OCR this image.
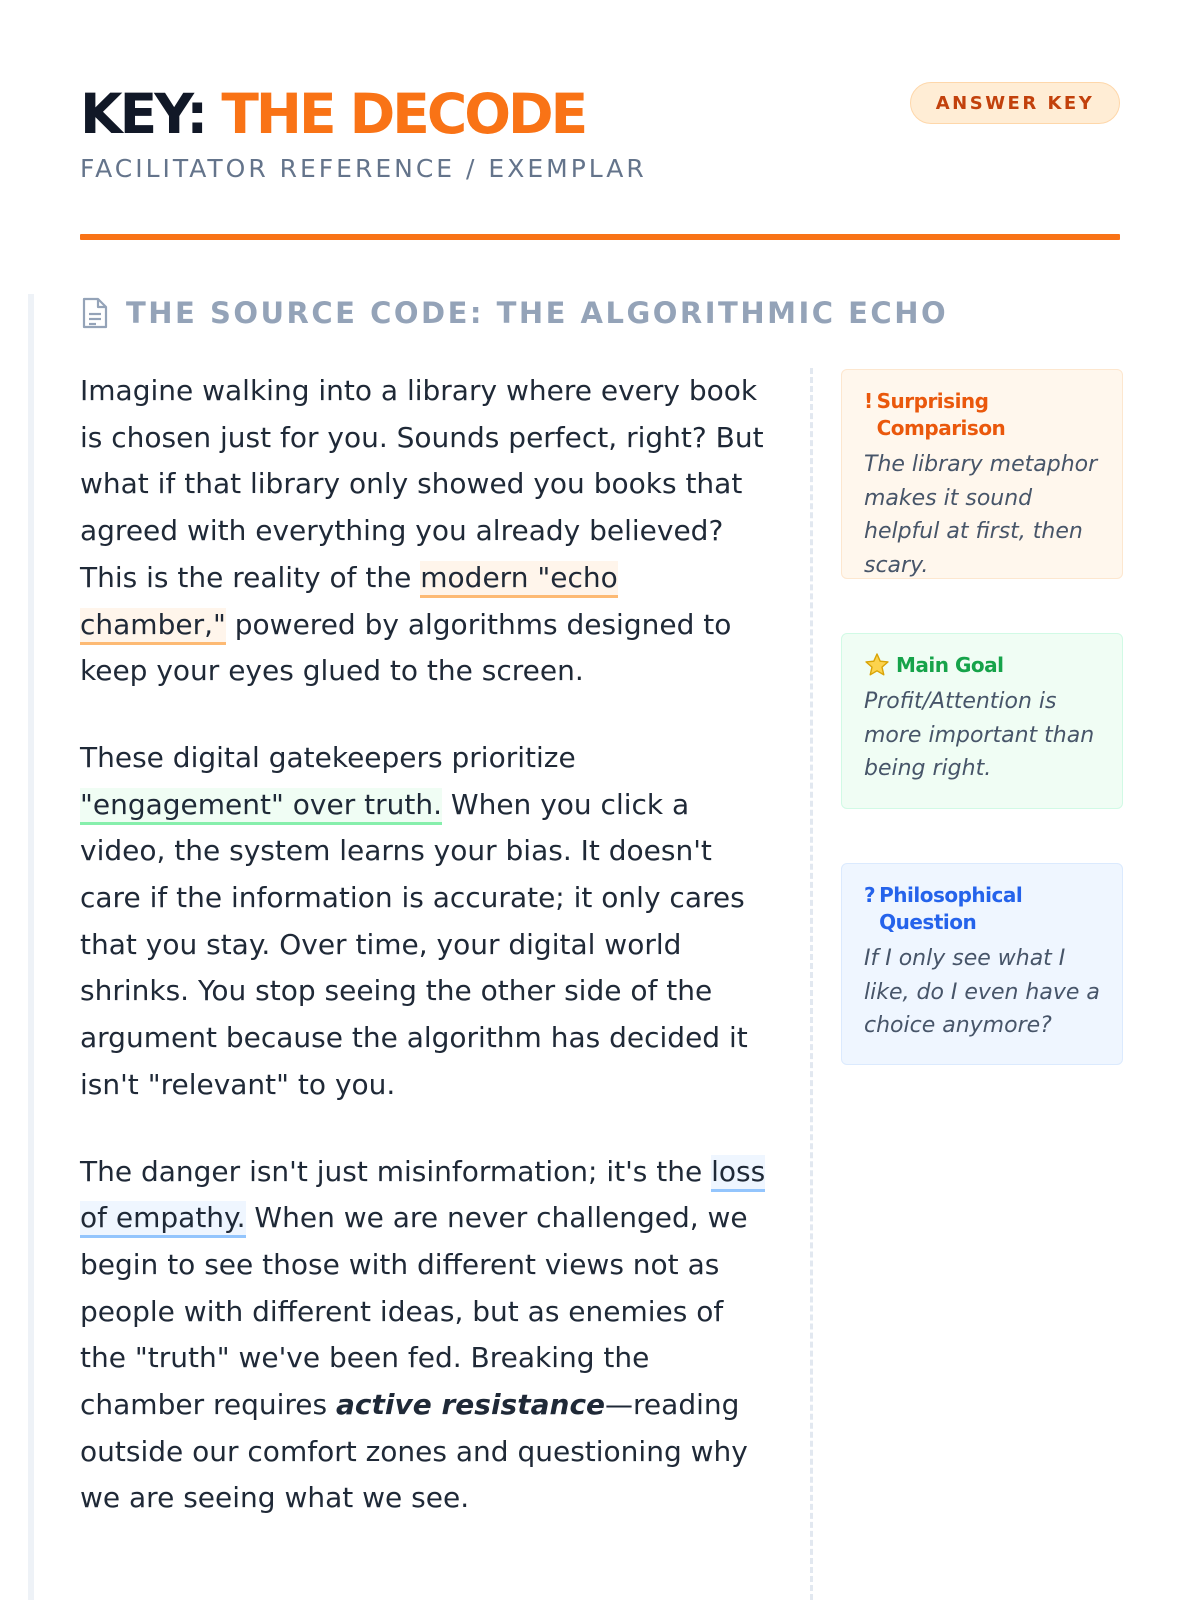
KEY: THE DECODE
FACILITATOR REFERENCE / EXEMPLAR
ANSWER KEY
THE SOURCE CODE: THE ALGORITHMIC ECHO

Imagine walking into a library where every book is chosen just for you. Sounds perfect, right? But what if that library only showed you books that agreed with everything you already believed? This is the reality of the modern "echo chamber," powered by algorithms designed to keep your eyes glued to the screen.

These digital gatekeepers prioritize "engagement" over truth. When you click a video, the system learns your bias. It doesn't care if the information is accurate; it only cares that you stay. Over time, your digital world shrinks. You stop seeing the other side of the argument because the algorithm has decided it isn't "relevant" to you.

The danger isn't just misinformation; it's the loss of empathy. When we are never challenged, we begin to see those with different views not as people with different ideas, but as enemies of the "truth" we've been fed. Breaking the chamber requires active resistance—reading outside our comfort zones and questioning why we are seeing what we see.

! Surprising Comparison
The library metaphor makes it sound helpful at first, then scary.
Main Goal
Profit/Attention is more important than being right.
? Philosophical Question
If I only see what I like, do I even have a choice anymore?
